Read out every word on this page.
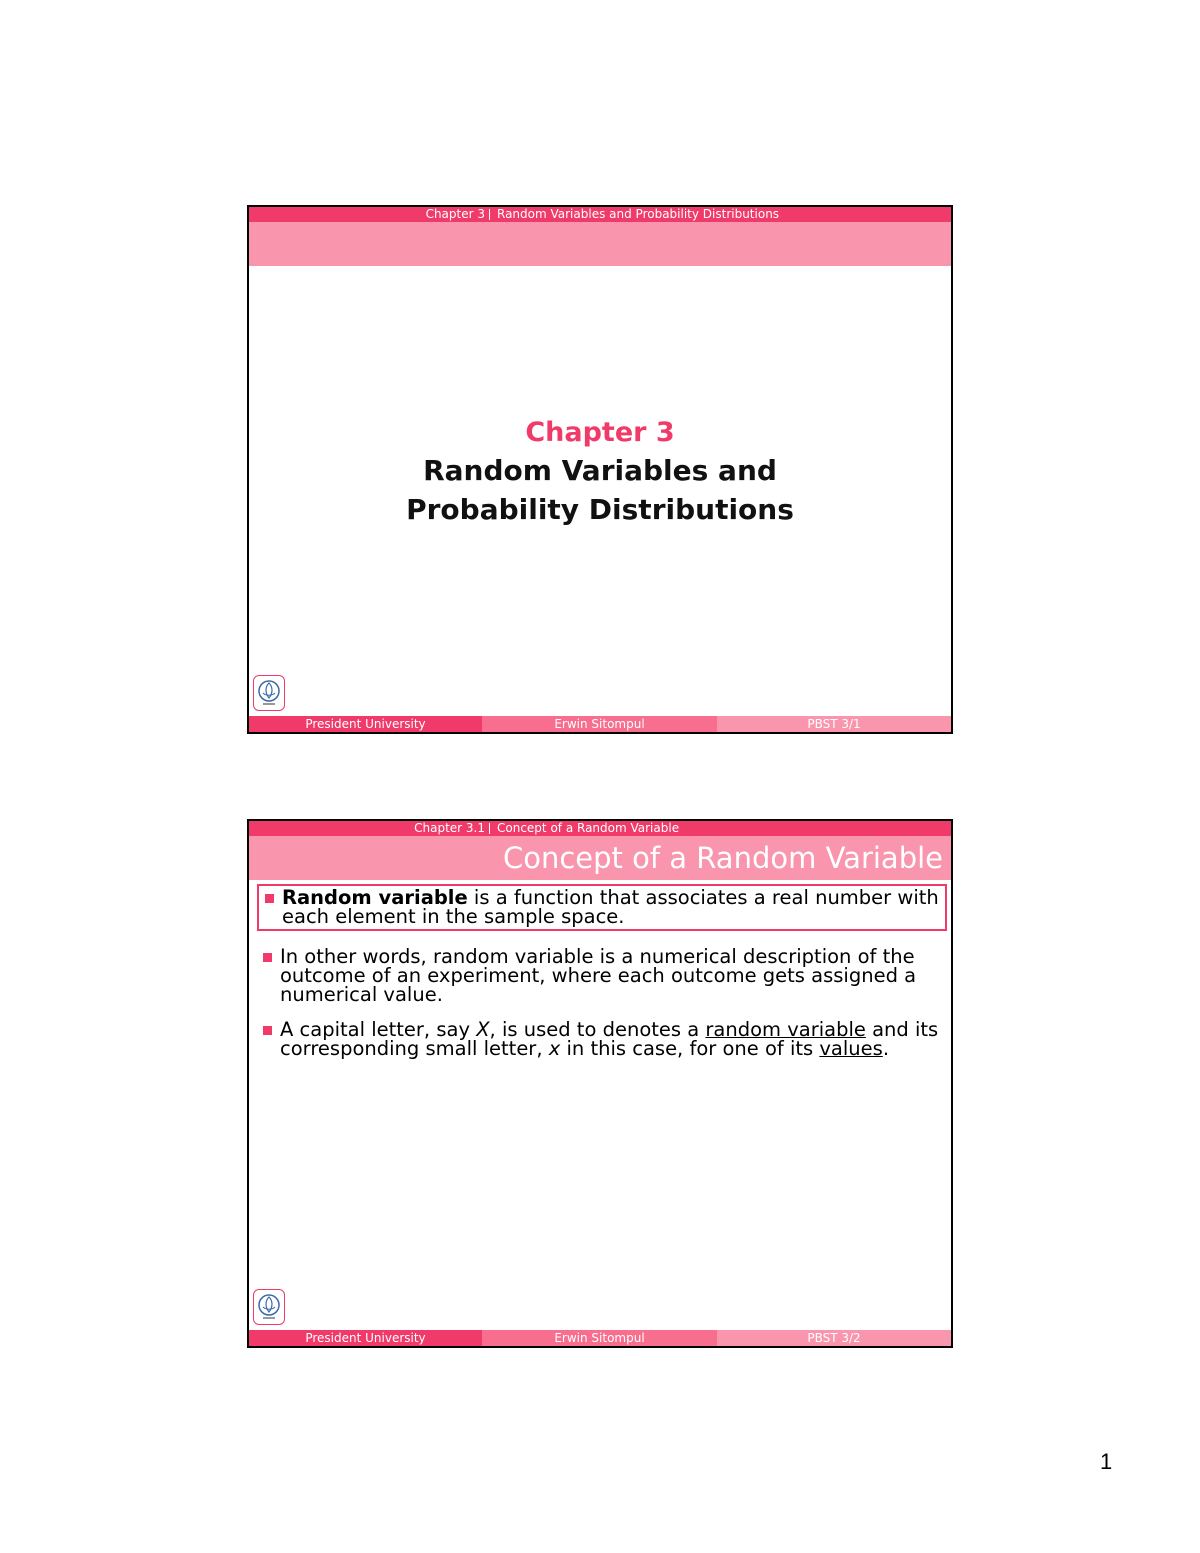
Chapter 3 Random Variables and Probability Distributions
Chapter 3
Random Variables and
Probability Distributions
President University	Erwin Sitompul	PBST 3/1
Chapter 3.1 Concept of a Random Variable
Concept of a Random Variable
Random variable is a function that associates a real number with each element in the sample space.
In other words, random variable is a numerical description of the outcome of an experiment, where each outcome gets assigned a numerical value.
A capital letter, say X, is used to denotes a random variable and its corresponding small letter, x in this case, for one of its values.
President University	Erwin Sitompul	PBST 3/2
1
